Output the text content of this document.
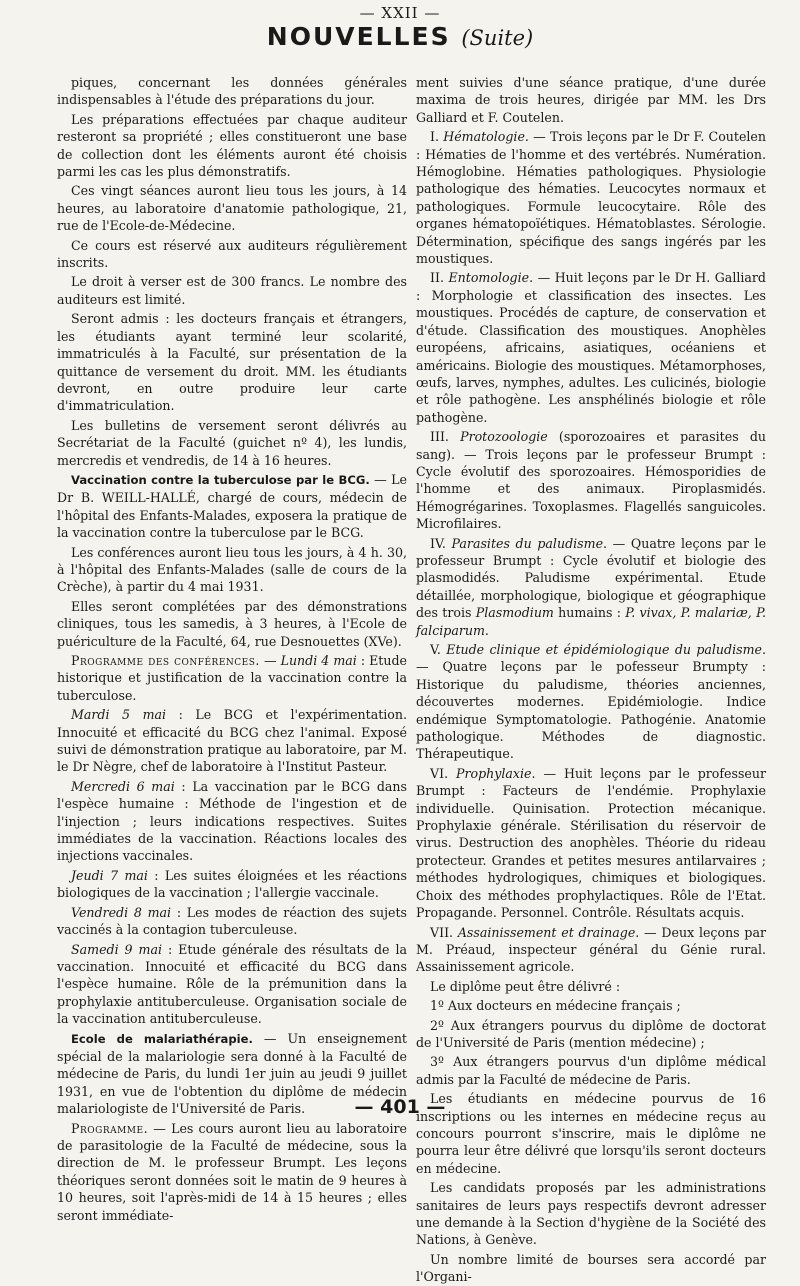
— XXII —
NOUVELLES (Suite)

piques, concernant les données générales indispensables à l'étude des préparations du jour.

Les préparations effectuées par chaque auditeur resteront sa propriété ; elles constitueront une base de collection dont les éléments auront été choisis parmi les cas les plus démonstratifs.

Ces vingt séances auront lieu tous les jours, à 14 heures, au laboratoire d'anatomie pathologique, 21, rue de l'Ecole-de-Médecine.

Ce cours est réservé aux auditeurs régulièrement inscrits.

Le droit à verser est de 300 francs. Le nombre des auditeurs est limité.

Seront admis : les docteurs français et étrangers, les étudiants ayant terminé leur scolarité, immatriculés à la Faculté, sur présentation de la quittance de versement du droit. MM. les étudiants devront, en outre produire leur carte d'immatriculation.

Les bulletins de versement seront délivrés au Secrétariat de la Faculté (guichet nº 4), les lundis, mercredis et vendredis, de 14 à 16 heures.

Vaccination contre la tuberculose par le BCG. — Le Dr B. WEILL-HALLÉ, chargé de cours, médecin de l'hôpital des Enfants-Malades, exposera la pratique de la vaccination contre la tuberculose par le BCG.

Les conférences auront lieu tous les jours, à 4 h. 30, à l'hôpital des Enfants-Malades (salle de cours de la Crèche), à partir du 4 mai 1931.

Elles seront complétées par des démonstrations cliniques, tous les samedis, à 3 heures, à l'Ecole de puériculture de la Faculté, 64, rue Desnouettes (XVe).

Programme des conférences. — Lundi 4 mai : Etude historique et justification de la vaccination contre la tuberculose.

Mardi 5 mai : Le BCG et l'expérimentation. Innocuité et efficacité du BCG chez l'animal. Exposé suivi de démonstration pratique au laboratoire, par M. le Dr Nègre, chef de laboratoire à l'Institut Pasteur.

Mercredi 6 mai : La vaccination par le BCG dans l'espèce humaine : Méthode de l'ingestion et de l'injection ; leurs indications respectives. Suites immédiates de la vaccination. Réactions locales des injections vaccinales.

Jeudi 7 mai : Les suites éloignées et les réactions biologiques de la vaccination ; l'allergie vaccinale.

Vendredi 8 mai : Les modes de réaction des sujets vaccinés à la contagion tuberculeuse.

Samedi 9 mai : Etude générale des résultats de la vaccination. Innocuité et efficacité du BCG dans l'espèce humaine. Rôle de la prémunition dans la prophylaxie antituberculeuse. Organisation sociale de la vaccination antituberculeuse.

Ecole de malariathérapie. — Un enseignement spécial de la malariologie sera donné à la Faculté de médecine de Paris, du lundi 1er juin au jeudi 9 juillet 1931, en vue de l'obtention du diplôme de médecin malariologiste de l'Université de Paris.

Programme. — Les cours auront lieu au laboratoire de parasitologie de la Faculté de médecine, sous la direction de M. le professeur Brumpt. Les leçons théoriques seront données soit le matin de 9 heures à 10 heures, soit l'après-midi de 14 à 15 heures ; elles seront immédiate-

ment suivies d'une séance pratique, d'une durée maxima de trois heures, dirigée par MM. les Drs Galliard et F. Coutelen.

I. Hématologie. — Trois leçons par le Dr F. Coutelen : Hématies de l'homme et des vertébrés. Numération. Hémoglobine. Hématies pathologiques. Physiologie pathologique des hématies. Leucocytes normaux et pathologiques. Formule leucocytaire. Rôle des organes hématopoïétiques. Hématoblastes. Sérologie. Détermination, spécifique des sangs ingérés par les moustiques.

II. Entomologie. — Huit leçons par le Dr H. Galliard : Morphologie et classification des insectes. Les moustiques. Procédés de capture, de conservation et d'étude. Classification des moustiques. Anophèles européens, africains, asiatiques, océaniens et américains. Biologie des moustiques. Métamorphoses, œufs, larves, nymphes, adultes. Les culicinés, biologie et rôle pathogène. Les ansphélinés biologie et rôle pathogène.

III. Protozoologie (sporozoaires et parasites du sang). — Trois leçons par le professeur Brumpt : Cycle évolutif des sporozoaires. Hémosporidies de l'homme et des animaux. Piroplasmidés. Hémogrégarines. Toxoplasmes. Flagellés sanguicoles. Microfilaires.

IV. Parasites du paludisme. — Quatre leçons par le professeur Brumpt : Cycle évolutif et biologie des plasmodidés. Paludisme expérimental. Etude détaillée, morphologique, biologique et géographique des trois Plasmodium humains : P. vivax, P. malariæ, P. falciparum.

V. Etude clinique et épidémiologique du paludisme. — Quatre leçons par le pofesseur Brumpty : Historique du paludisme, théories anciennes, découvertes modernes. Epidémiologie. Indice endémique Symptomatologie. Pathogénie. Anatomie pathologique. Méthodes de diagnostic. Thérapeutique.

VI. Prophylaxie. — Huit leçons par le professeur Brumpt : Facteurs de l'endémie. Prophylaxie individuelle. Quinisation. Protection mécanique. Prophylaxie générale. Stérilisation du réservoir de virus. Destruction des anophèles. Théorie du rideau protecteur. Grandes et petites mesures antilarvaires ; méthodes hydrologiques, chimiques et biologiques. Choix des méthodes prophylactiques. Rôle de l'Etat. Propagande. Personnel. Contrôle. Résultats acquis.

VII. Assainissement et drainage. — Deux leçons par M. Préaud, inspecteur général du Génie rural. Assainissement agricole.

Le diplôme peut être délivré :

1º Aux docteurs en médecine français ;

2º Aux étrangers pourvus du diplôme de doctorat de l'Université de Paris (mention médecine) ;

3º Aux étrangers pourvus d'un diplôme médical admis par la Faculté de médecine de Paris.

Les étudiants en médecine pourvus de 16 inscriptions ou les internes en médecine reçus au concours pourront s'inscrire, mais le diplôme ne pourra leur être délivré que lorsqu'ils seront docteurs en médecine.

Les candidats proposés par les administrations sanitaires de leurs pays respectifs devront adresser une demande à la Section d'hygiène de la Société des Nations, à Genève.

Un nombre limité de bourses sera accordé par l'Organi-

— 401 —
